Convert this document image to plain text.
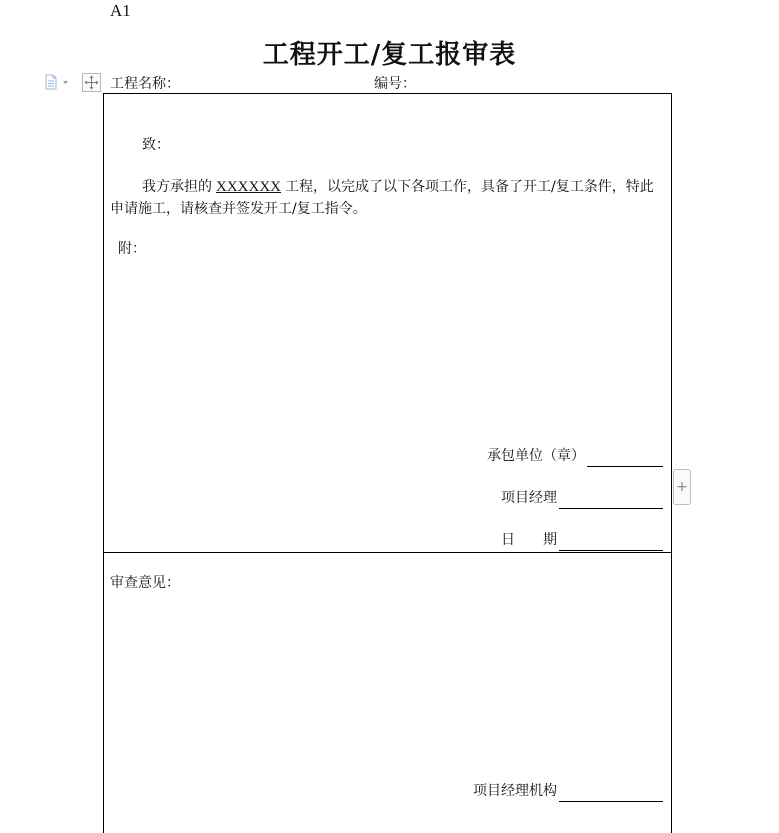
A1
工程开工/复工报审表
工程名称：	编号：
致：
我方承担的 XXXXXX 工程，以完成了以下各项工作，具备了开工/复工条件，特此申请施工，请核查并签发开工/复工指令。
附：
承包单位（章）
项目经理
日 期
审查意见：
项目经理机构
+
